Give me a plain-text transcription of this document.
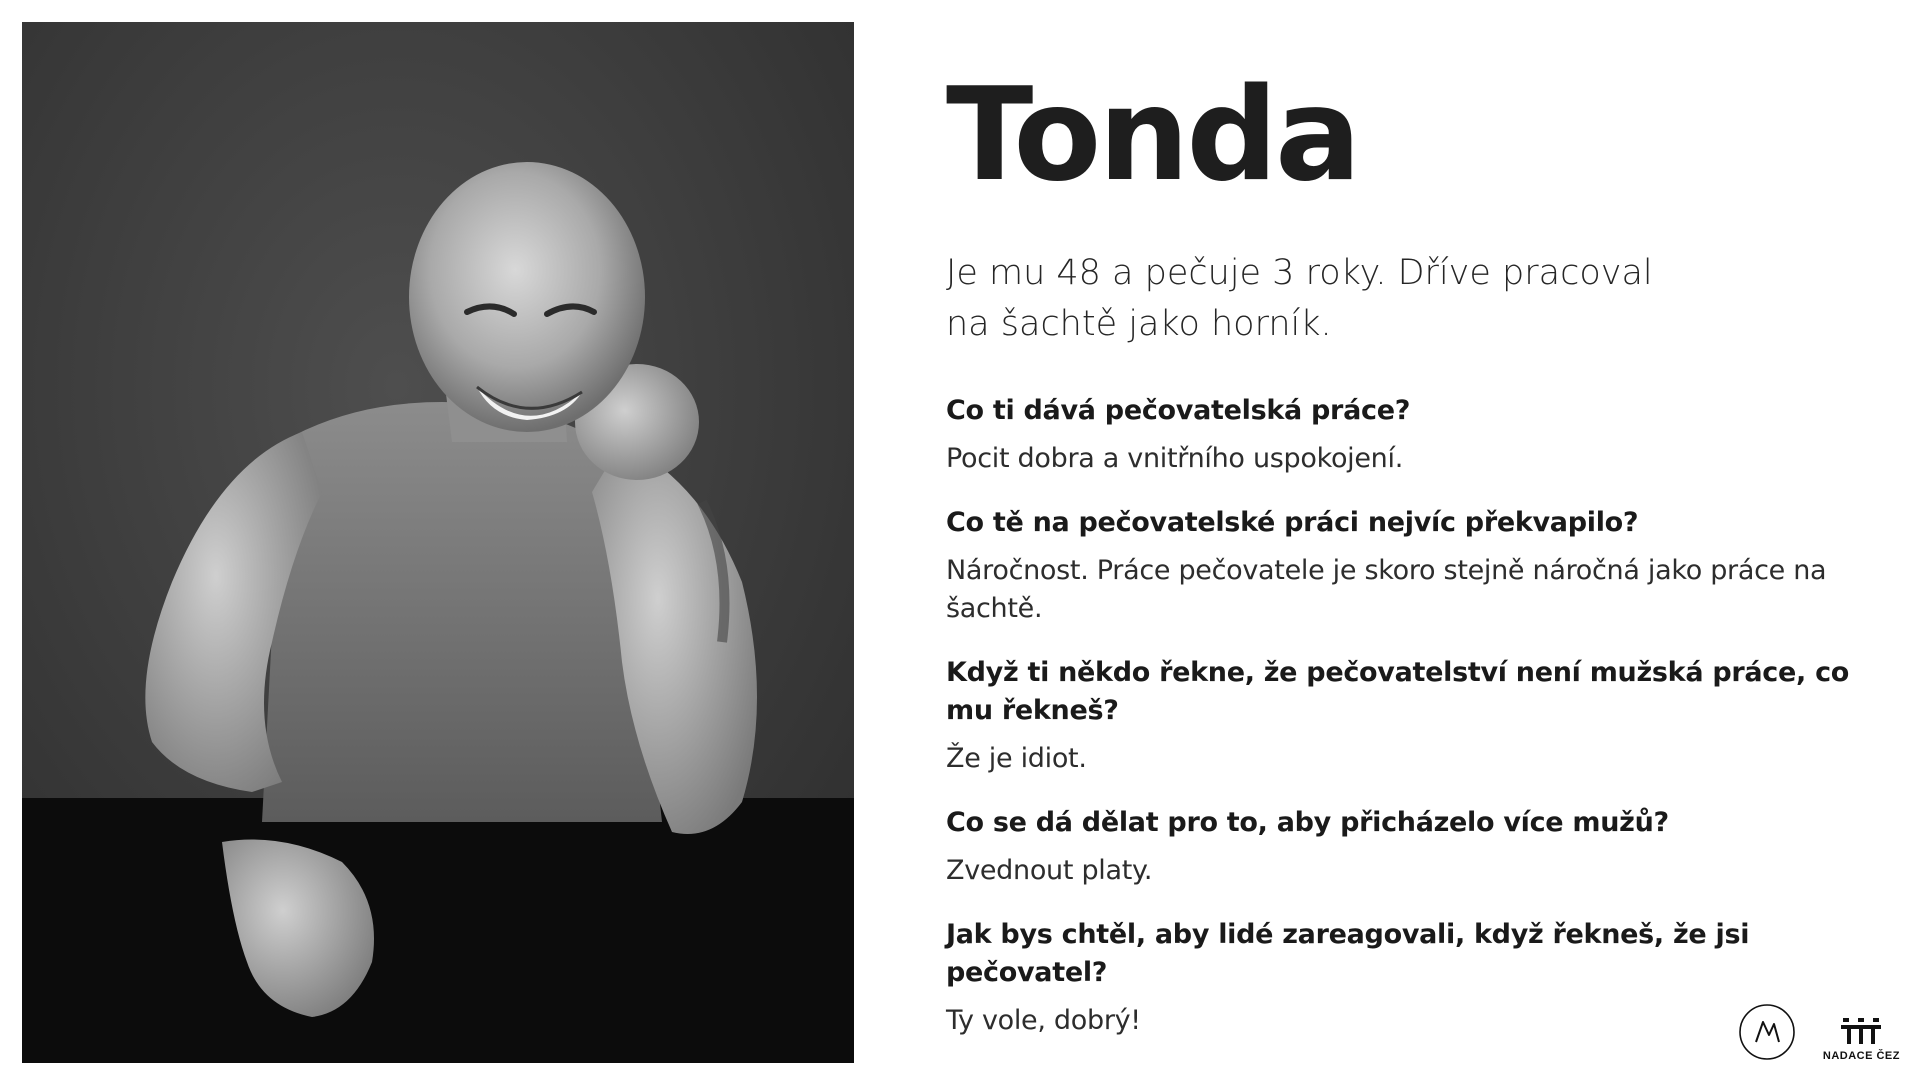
Tonda
Je mu 48 a pečuje 3 roky. Dříve pracoval na šachtě jako horník.
Co ti dává pečovatelská práce?
Pocit dobra a vnitřního uspokojení.
Co tě na pečovatelské práci nejvíc překvapilo?
Náročnost. Práce pečovatele je skoro stejně náročná jako práce na šachtě.
Když ti někdo řekne, že pečovatelství není mužská práce, co mu řekneš?
Že je idiot.
Co se dá dělat pro to, aby přicházelo více mužů?
Zvednout platy.
Jak bys chtěl, aby lidé zareagovali, když řekneš, že jsi pečovatel?
Ty vole, dobrý!
NADACE ČEZ
